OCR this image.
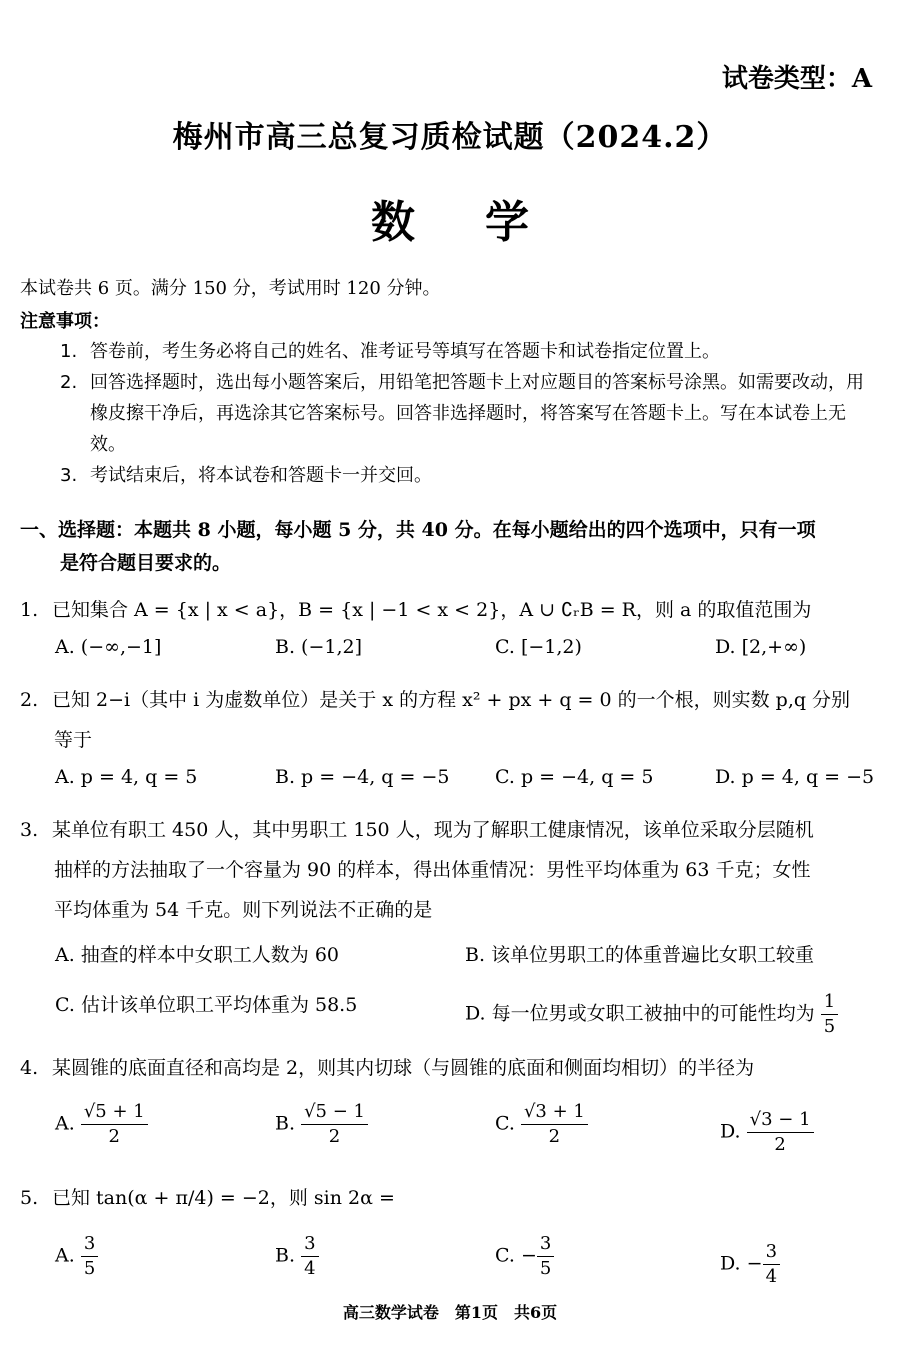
试卷类型：A
梅州市高三总复习质检试题（2024.2）
数学
本试卷共 6 页。满分 150 分，考试用时 120 分钟。
注意事项：
1. 答卷前，考生务必将自己的姓名、准考证号等填写在答题卡和试卷指定位置上。
2. 回答选择题时，选出每小题答案后，用铅笔把答题卡上对应题目的答案标号涂黑。如需要改动，用橡皮擦干净后，再选涂其它答案标号。回答非选择题时，将答案写在答题卡上。写在本试卷上无效。
3. 考试结束后，将本试卷和答题卡一并交回。
一、选择题：本题共 8 小题，每小题 5 分，共 40 分。在每小题给出的四个选项中，只有一项
是符合题目要求的。
1. 已知集合 A = {x | x < a}，B = {x | −1 < x < 2}，A ∪ ∁ᵣB = R，则 a 的取值范围为
A. (−∞,−1]	B. (−1,2]	C. [−1,2)	D. [2,+∞)
2. 已知 2−i（其中 i 为虚数单位）是关于 x 的方程 x² + px + q = 0 的一个根，则实数 p,q 分别
等于
A. p = 4, q = 5	B. p = −4, q = −5 C. p = −4, q = 5	D. p = 4, q = −5
3. 某单位有职工 450 人，其中男职工 150 人，现为了解职工健康情况，该单位采取分层随机
抽样的方法抽取了一个容量为 90 的样本，得出体重情况：男性平均体重为 63 千克；女性
平均体重为 54 千克。则下列说法不正确的是
A. 抽查的样本中女职工人数为 60	B. 该单位男职工的体重普遍比女职工较重
C. 估计该单位职工平均体重为 58.5	D. 每一位男或女职工被抽中的可能性均为 $\frac{1}{5}$
4. 某圆锥的底面直径和高均是 2，则其内切球（与圆锥的底面和侧面均相切）的半径为
A. $\frac{√5 + 1}{2}$	B. $\frac{√5 - 1}{2}$	C. $\frac{√3 + 1}{2}$	D. $\frac{√3 - 1}{2}$
5. 已知 tan(α + π/4) = −2，则 sin 2α =
A. $\frac{3}{5}$	B. $\frac{3}{4}$	C. − $\frac{3}{5}$	D. − $\frac{3}{4}$
高三数学试卷　第1页　共6页
